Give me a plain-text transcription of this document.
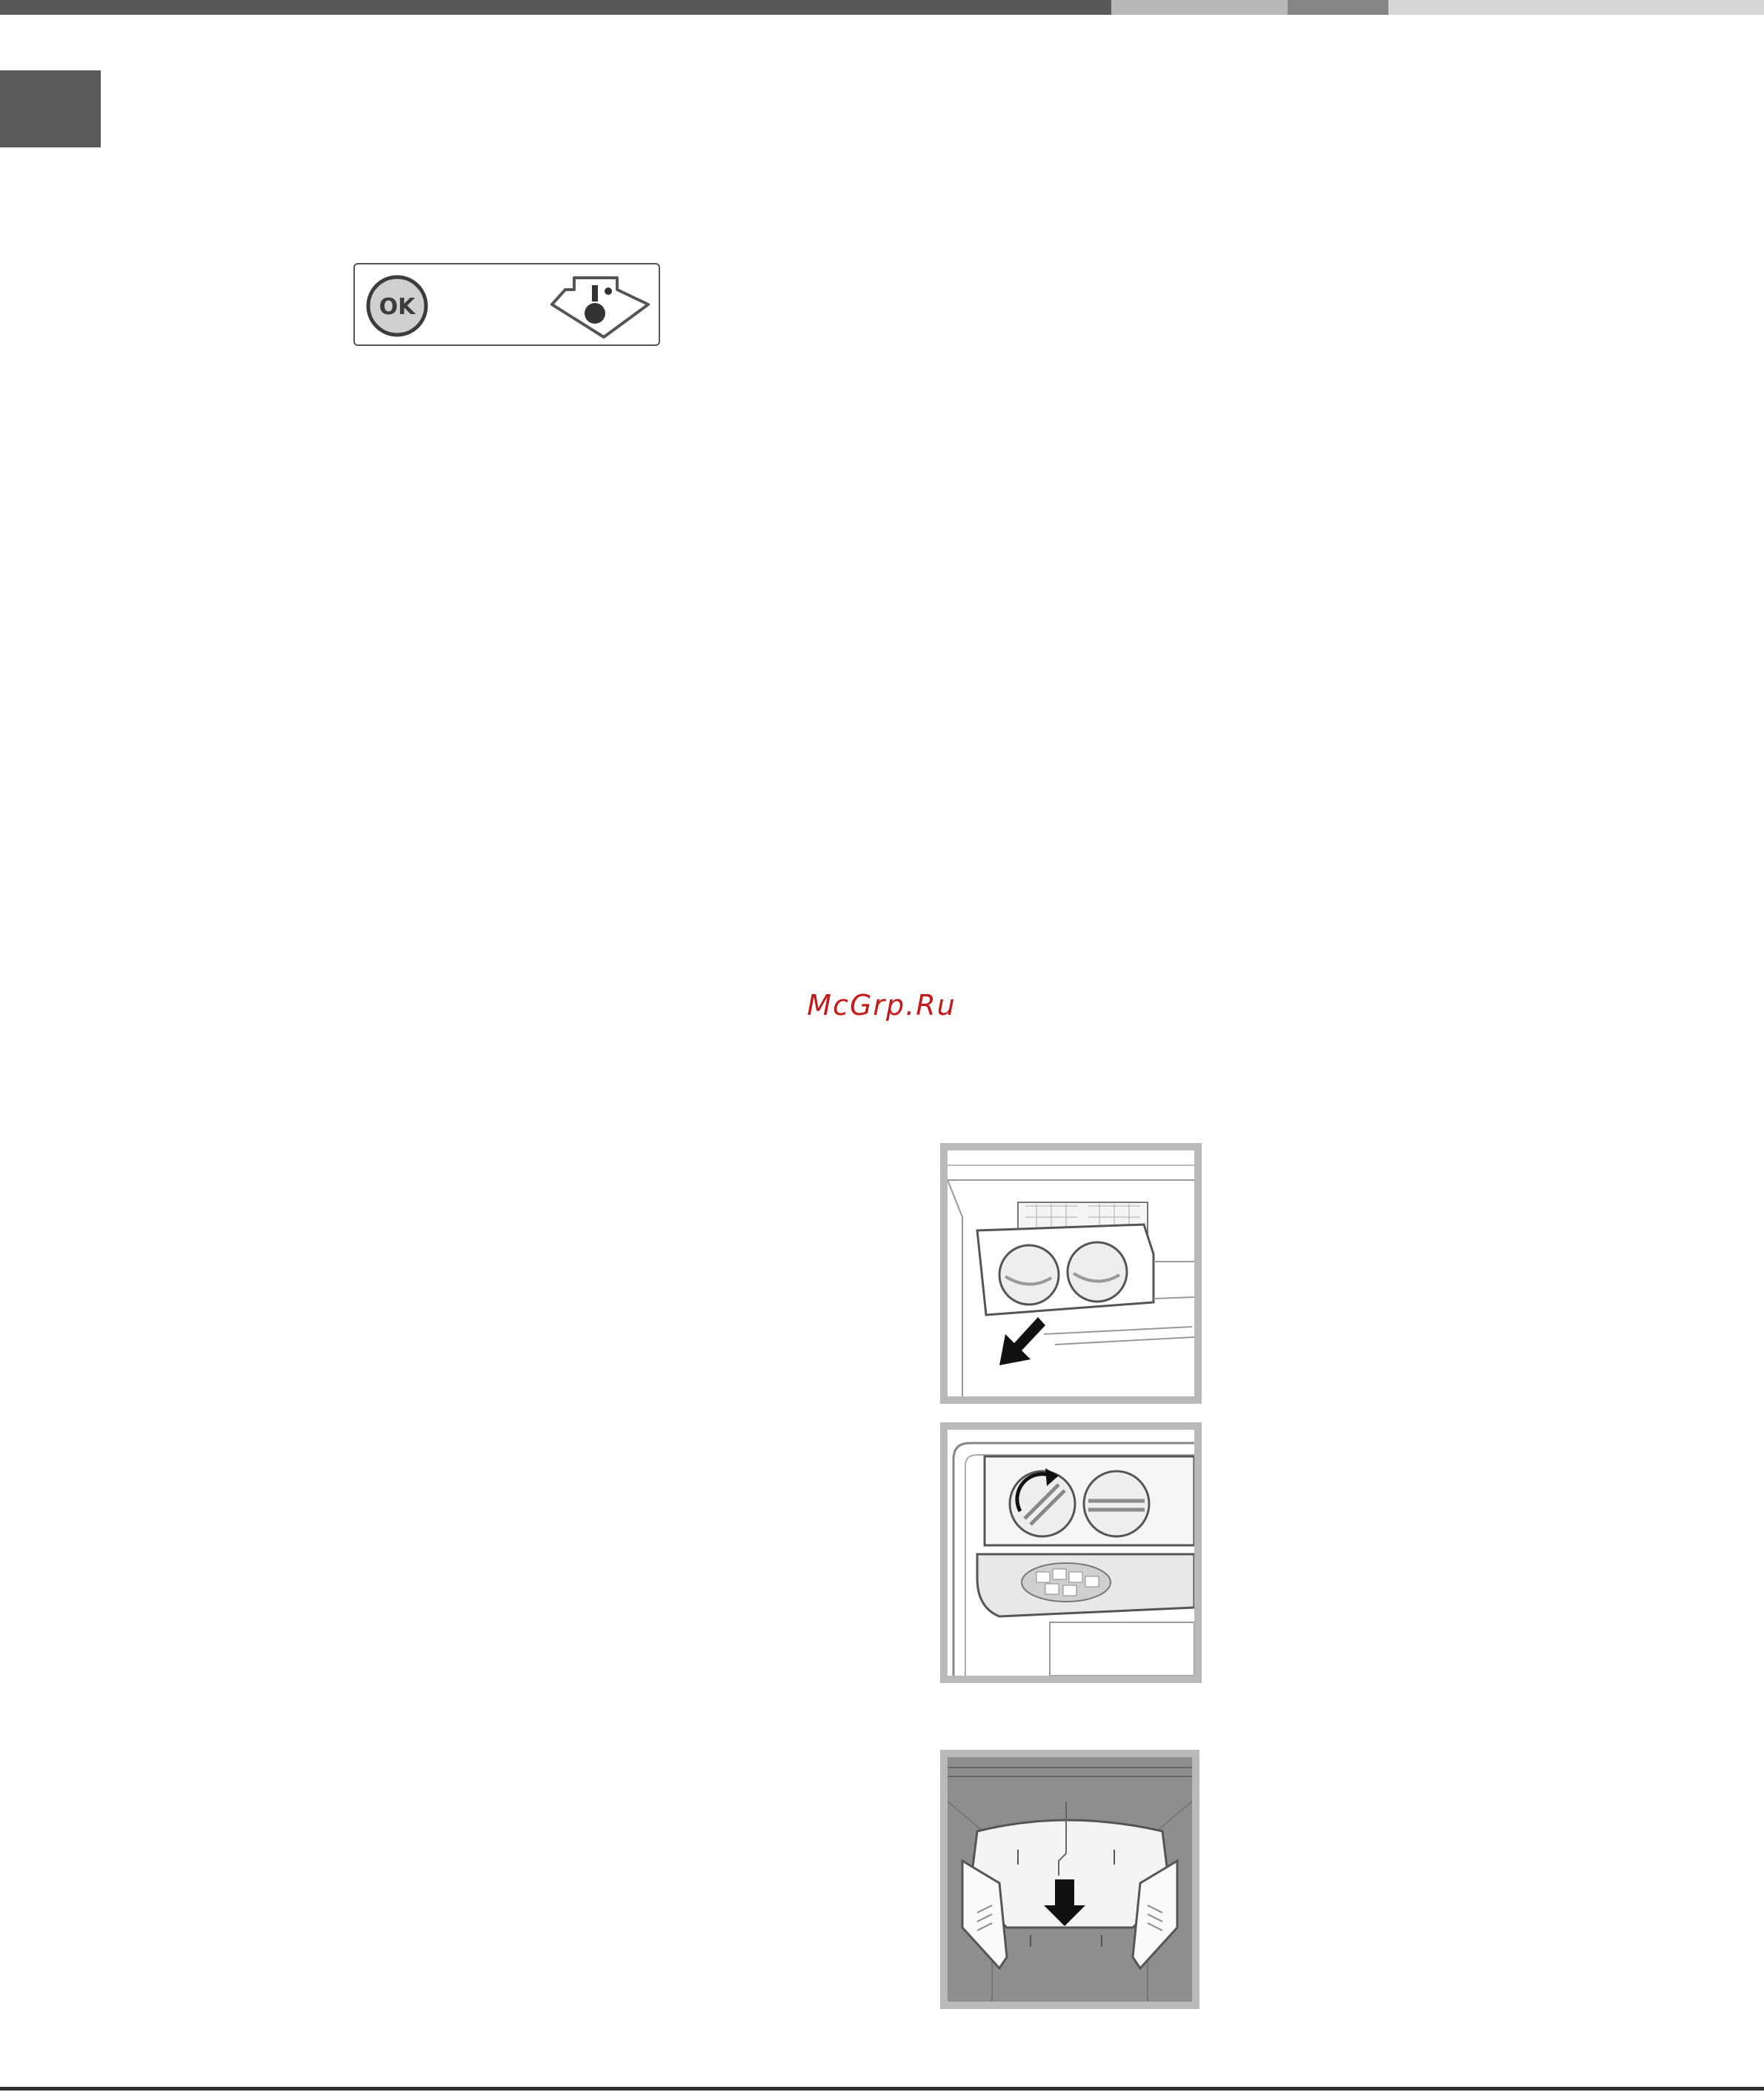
OK
McGrp.Ru
